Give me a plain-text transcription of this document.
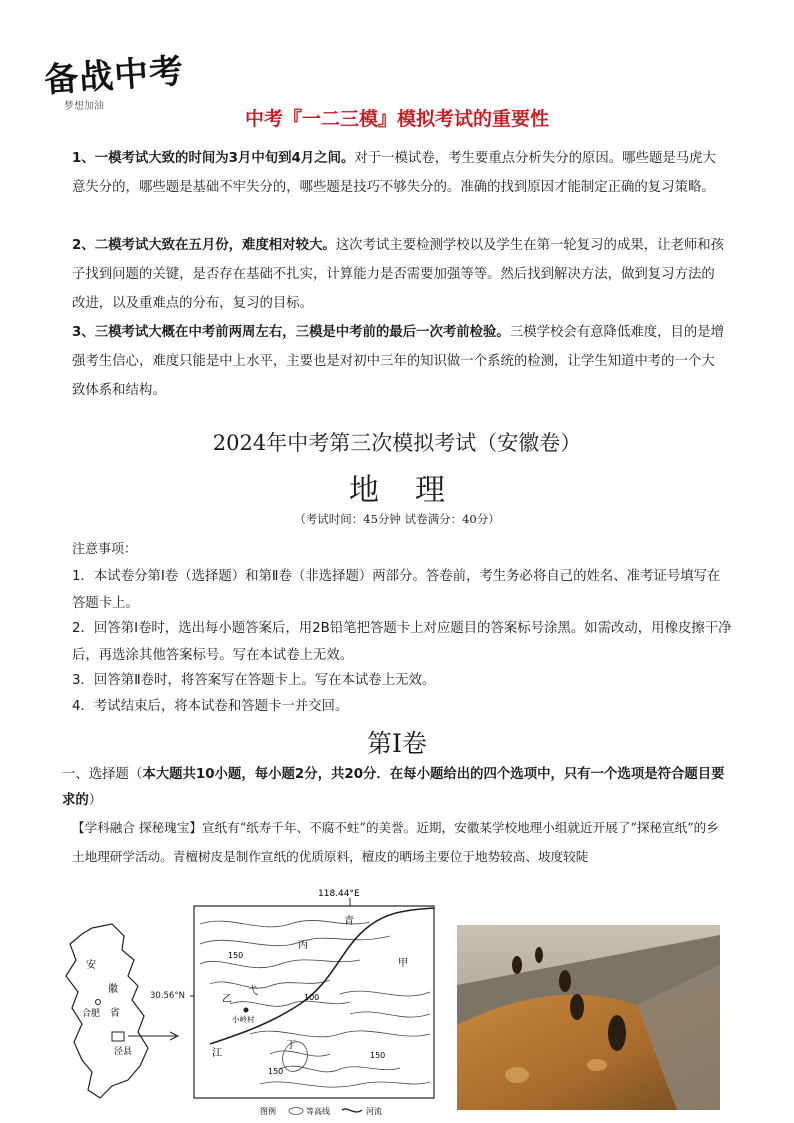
备战中考
梦想加油
中考『一二三模』模拟考试的重要性
1、一模考试大致的时间为3月中旬到4月之间。对于一模试卷，考生要重点分析失分的原因。哪些题是马虎大意失分的，哪些题是基础不牢失分的，哪些题是技巧不够失分的。准确的找到原因才能制定正确的复习策略。
2、二模考试大致在五月份，难度相对较大。这次考试主要检测学校以及学生在第一轮复习的成果，让老师和孩子找到问题的关键，是否存在基础不扎实，计算能力是否需要加强等等。然后找到解决方法，做到复习方法的改进，以及重难点的分布，复习的目标。
3、三模考试大概在中考前两周左右，三模是中考前的最后一次考前检验。三模学校会有意降低难度，目的是增强考生信心，难度只能是中上水平，主要也是对初中三年的知识做一个系统的检测，让学生知道中考的一个大致体系和结构。
2024年中考第三次模拟考试（安徽卷）
地理
（考试时间：45分钟 试卷满分：40分）
注意事项：
1．本试卷分第Ⅰ卷（选择题）和第Ⅱ卷（非选择题）两部分。答卷前，考生务必将自己的姓名、准考证号填写在答题卡上。
2．回答第Ⅰ卷时，选出每小题答案后，用2B铅笔把答题卡上对应题目的答案标号涂黑。如需改动，用橡皮擦干净后，再选涂其他答案标号。写在本试卷上无效。
3．回答第Ⅱ卷时，将答案写在答题卡上。写在本试卷上无效。
4．考试结束后，将本试卷和答题卡一并交回。
第Ⅰ卷
一、选择题（本大题共10小题，每小题2分，共20分．在每小题给出的四个选项中，只有一个选项是符合题目要求的）
【学科融合 探秘瑰宝】宣纸有“纸寿千年、不腐不蛀”的美誉。近期，安徽某学校地理小组就近开展了“探秘宣纸”的乡土地理研学活动。青檀树皮是制作宣纸的优质原料，檀皮的晒场主要位于地势较高、坡度较陡
安
徽
省
合肥
泾县
118.44°E
青
丙
甲
乙
弋
小岭村
江
丁
150
100
150
150
图例	等高线	河流
30.56°N
